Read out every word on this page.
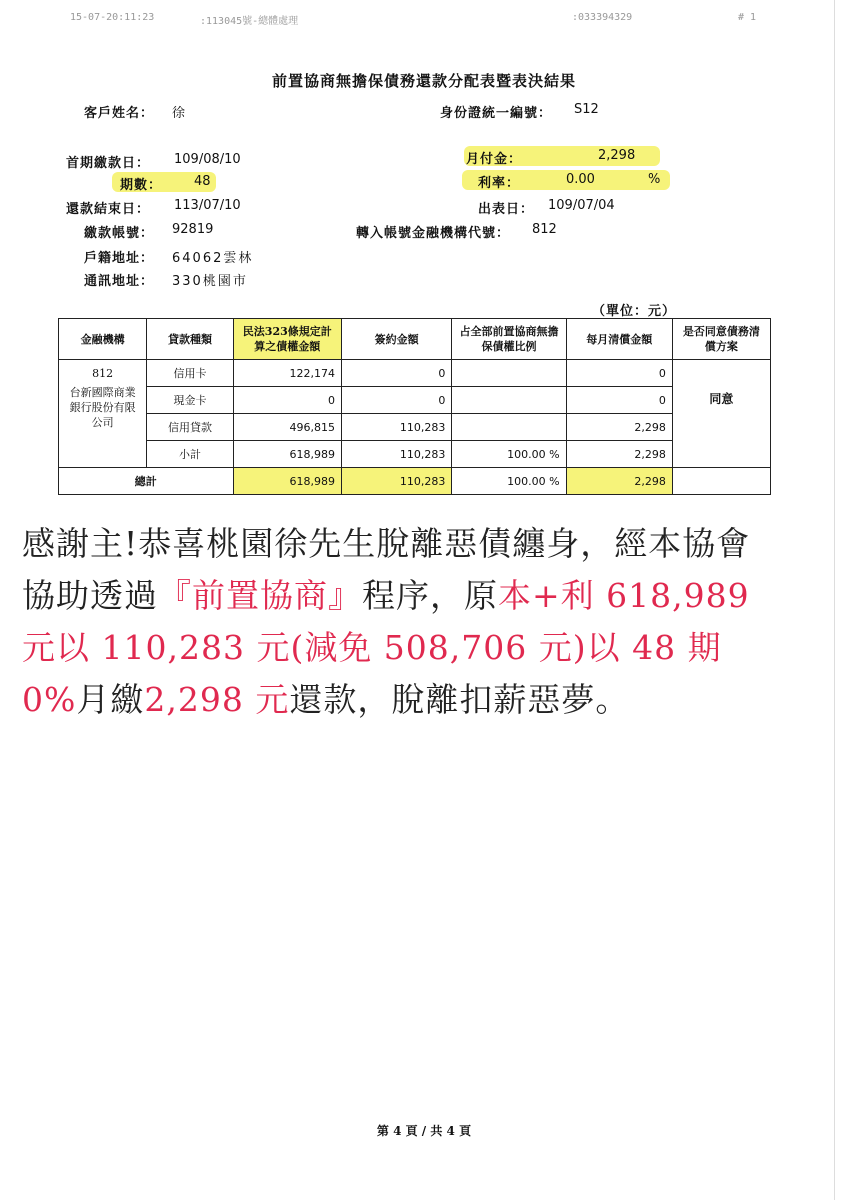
15-07-20:11:23	:113045號-總體處理	:033394329	# 1
前置協商無擔保債務還款分配表暨表決結果
客戶姓名： 徐	身份證統一編號： S12
首期繳款日： 109/08/10	月付金：	2,298
期數： 48	利率：	0.00	%
還款結束日： 113/07/10	出表日： 109/07/04
繳款帳號： 92819	轉入帳號金融機構代號： 812
戶籍地址： 64062雲林
通訊地址： 330桃園市
（單位：元）
金融機構	貸款種類	民法323條規定計算之債權金額	簽約金額	占全部前置協商無擔保債權比例	每月清償金額	是否同意債務清償方案

812
台新國際商業銀行股份有限公司	信用卡	122,174	0		0	同意
	現金卡	0	0		0	
	信用貸款	496,815	110,283		2,298	
	小計	618,989	110,283	100.00 %	2,298	
總計		618,989	110,283	100.00 %	2,298	
感謝主!恭喜桃園徐先生脫離惡債纏身，經本協會協助透過『前置協商』程序，原本+利 618,989 元以 110,283 元(減免 508,706 元)以 48 期 0%月繳2,298 元還款，脫離扣薪惡夢。
第 4 頁 / 共 4 頁
